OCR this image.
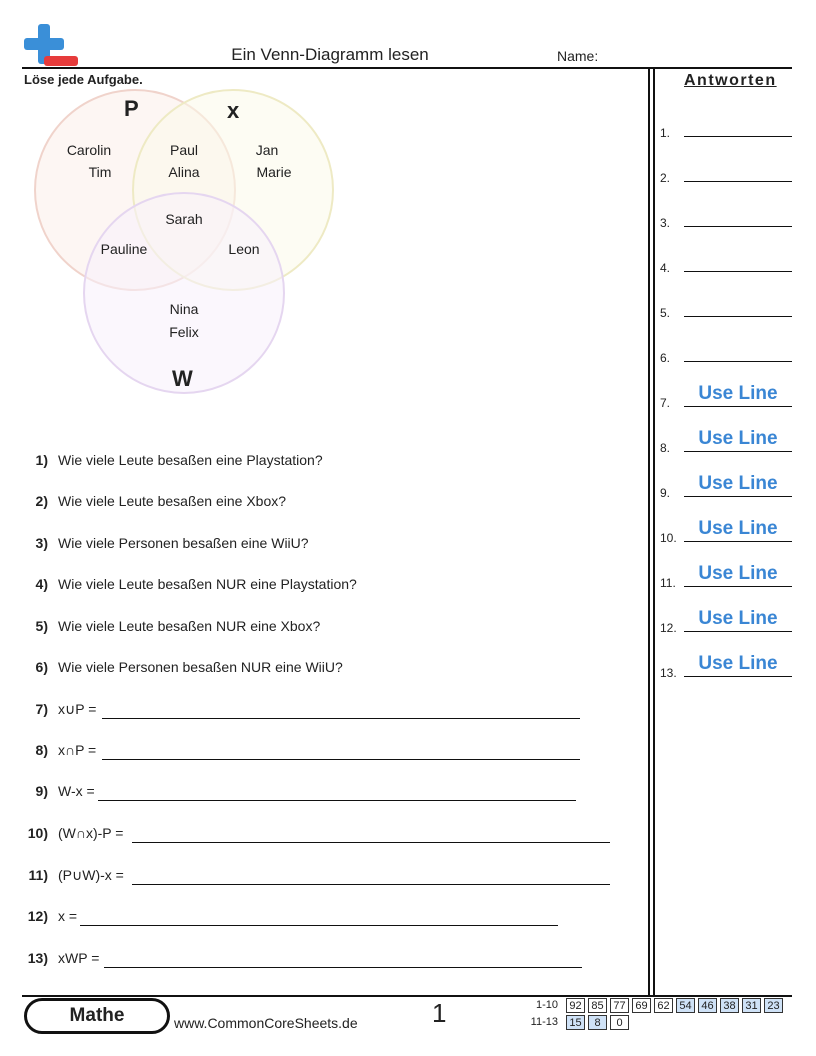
Ein Venn-Diagramm lesen	Name:
Löse jede Aufgabe.
P	x
W
Carolin
Tim
Paul
Alina
Jan
Marie
Sarah
Pauline	Leon
Nina
Felix
1) Wie viele Leute besaßen eine Playstation?
2) Wie viele Leute besaßen eine Xbox?
3) Wie viele Personen besaßen eine WiiU?
4) Wie viele Leute besaßen NUR eine Playstation?
5) Wie viele Leute besaßen NUR eine Xbox?
6) Wie viele Personen besaßen NUR eine WiiU?
7) x∪P =
8) x∩P =
9) W-x =
10) (W∩x)-P =
11) (P∪W)-x =
12) x =
13) xWP =
Antworten
1.
2.
3.
4.
5.
6.
7.	Use Line
8.	Use Line
9.	Use Line
10.	Use Line
11.	Use Line
12.	Use Line
13.	Use Line
Mathe	www.CommonCoreSheets.de	1	1-10	92 85 77 69 62 54 46 38 31 23
11-13	15	8	0
